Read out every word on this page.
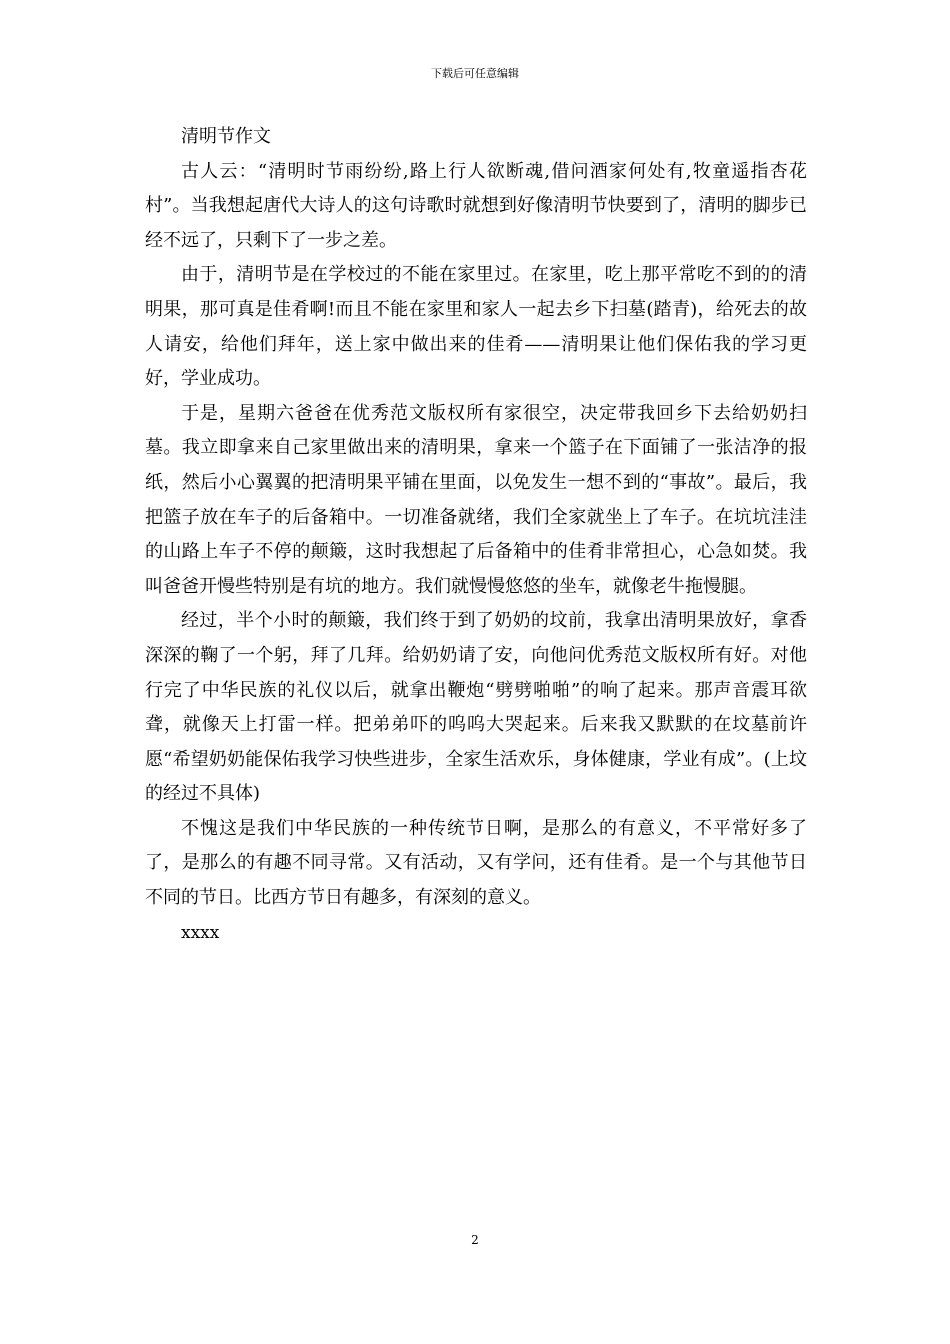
下载后可任意编辑

清明节作文

古人云：“清明时节雨纷纷,路上行人欲断魂,借问酒家何处有,牧童遥指杏花村”。当我想起唐代大诗人的这句诗歌时就想到好像清明节快要到了，清明的脚步已经不远了，只剩下了一步之差。

由于，清明节是在学校过的不能在家里过。在家里，吃上那平常吃不到的的清明果，那可真是佳肴啊!而且不能在家里和家人一起去乡下扫墓(踏青)，给死去的故人请安，给他们拜年，送上家中做出来的佳肴——清明果让他们保佑我的学习更好，学业成功。

于是，星期六爸爸在优秀范文版权所有家很空，决定带我回乡下去给奶奶扫墓。我立即拿来自己家里做出来的清明果，拿来一个篮子在下面铺了一张洁净的报纸，然后小心翼翼的把清明果平铺在里面，以免发生一想不到的“事故”。最后，我把篮子放在车子的后备箱中。一切准备就绪，我们全家就坐上了车子。在坑坑洼洼的山路上车子不停的颠簸，这时我想起了后备箱中的佳肴非常担心，心急如焚。我叫爸爸开慢些特别是有坑的地方。我们就慢慢悠悠的坐车，就像老牛拖慢腿。

经过，半个小时的颠簸，我们终于到了奶奶的坟前，我拿出清明果放好，拿香深深的鞠了一个躬，拜了几拜。给奶奶请了安，向他问优秀范文版权所有好。对他行完了中华民族的礼仪以后，就拿出鞭炮“劈劈啪啪”的响了起来。那声音震耳欲聋，就像天上打雷一样。把弟弟吓的呜呜大哭起来。后来我又默默的在坟墓前许愿“希望奶奶能保佑我学习快些进步，全家生活欢乐，身体健康，学业有成”。(上坟的经过不具体)

不愧这是我们中华民族的一种传统节日啊，是那么的有意义，不平常好多了了，是那么的有趣不同寻常。又有活动，又有学问，还有佳肴。是一个与其他节日不同的节日。比西方节日有趣多，有深刻的意义。

xxxx

2
